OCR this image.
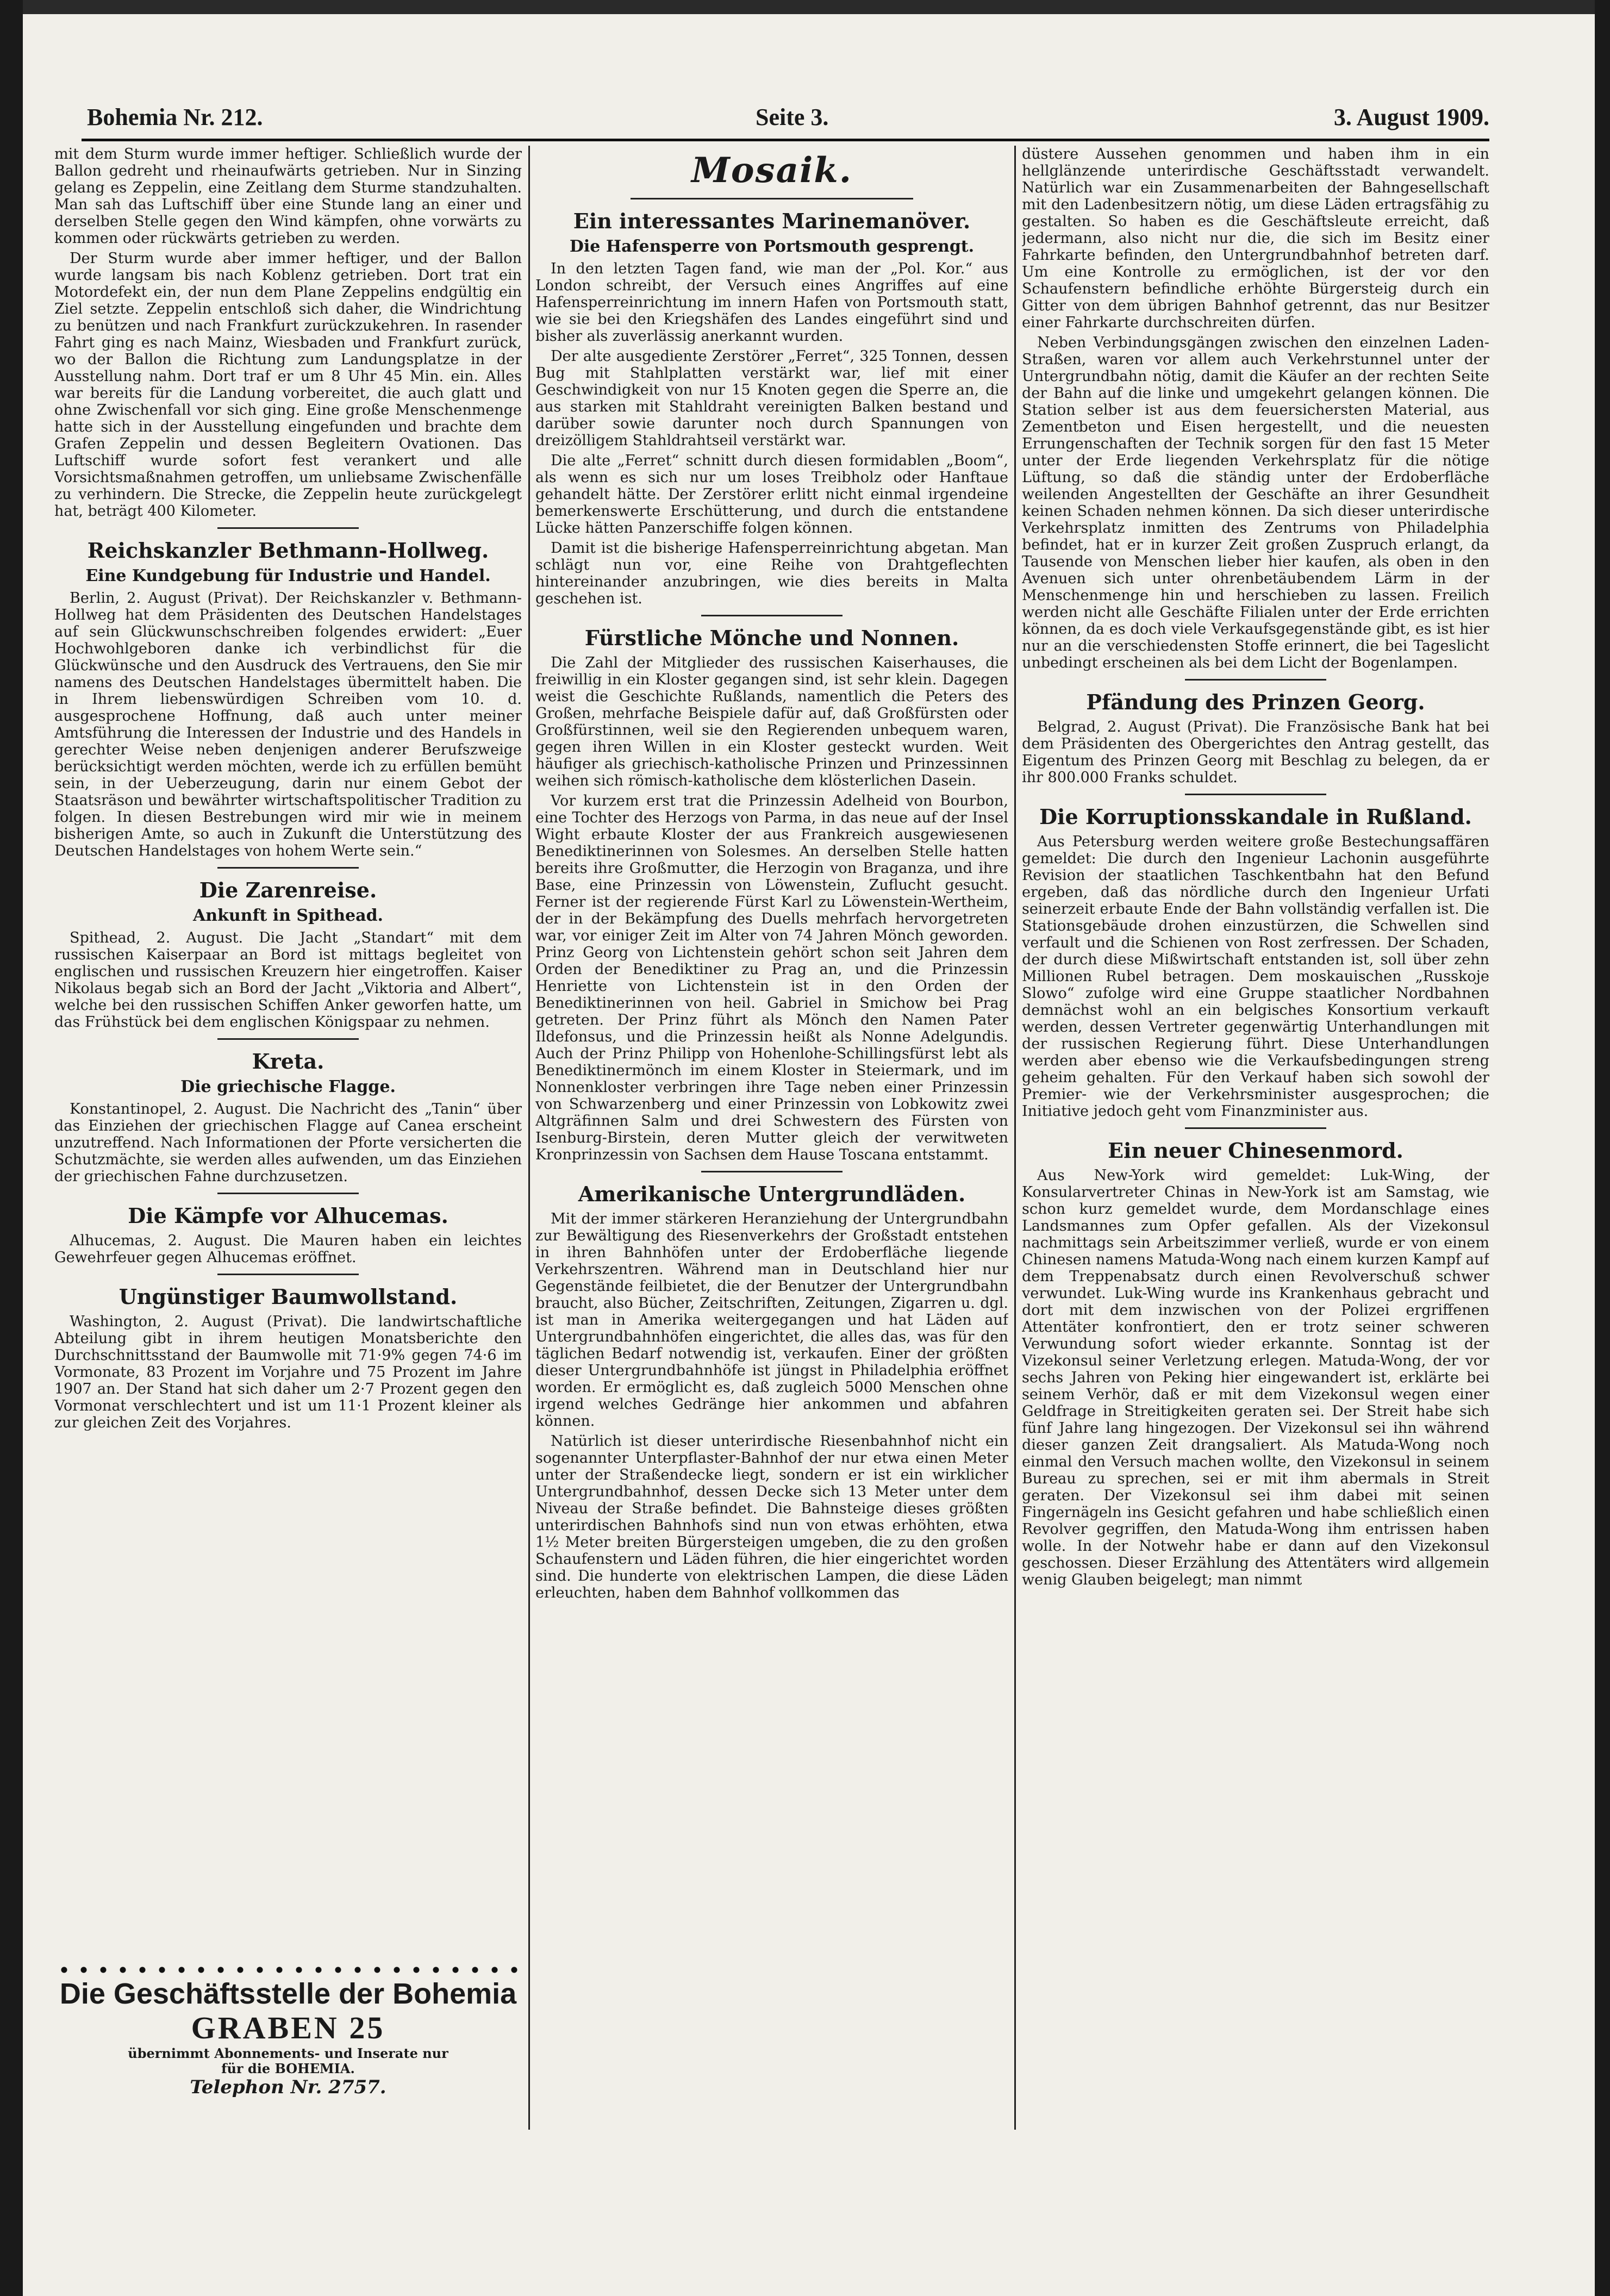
Bohemia Nr. 212.	Seite 3.	3. August 1909.

mit dem Sturm wurde immer heftiger. Schließlich wurde der Ballon gedreht und rheinaufwärts getrieben. Nur in Sinzing gelang es Zeppelin, eine Zeitlang dem Sturme standzuhalten. Man sah das Luftschiff über eine Stunde lang an einer und derselben Stelle gegen den Wind kämpfen, ohne vorwärts zu kommen oder rückwärts getrieben zu werden.

Der Sturm wurde aber immer heftiger, und der Ballon wurde langsam bis nach Koblenz getrieben. Dort trat ein Motordefekt ein, der nun dem Plane Zeppelins endgültig ein Ziel setzte. Zeppelin entschloß sich daher, die Windrichtung zu benützen und nach Frankfurt zurückzukehren. In rasender Fahrt ging es nach Mainz, Wiesbaden und Frankfurt zurück, wo der Ballon die Richtung zum Landungsplatze in der Ausstellung nahm. Dort traf er um 8 Uhr 45 Min. ein. Alles war bereits für die Landung vorbereitet, die auch glatt und ohne Zwischenfall vor sich ging. Eine große Menschenmenge hatte sich in der Ausstellung eingefunden und brachte dem Grafen Zeppelin und dessen Begleitern Ovationen. Das Luftschiff wurde sofort fest verankert und alle Vorsichtsmaßnahmen getroffen, um unliebsame Zwischenfälle zu verhindern. Die Strecke, die Zeppelin heute zurückgelegt hat, beträgt 400 Kilometer.

Reichskanzler Bethmann-Hollweg.
Eine Kundgebung für Industrie und Handel.

Berlin, 2. August (Privat). Der Reichskanzler v. Bethmann-Hollweg hat dem Präsidenten des Deutschen Handelstages auf sein Glückwunschschreiben folgendes erwidert: „Euer Hochwohlgeboren danke ich verbindlichst für die Glückwünsche und den Ausdruck des Vertrauens, den Sie mir namens des Deutschen Handelstages übermittelt haben. Die in Ihrem liebenswürdigen Schreiben vom 10. d. ausgesprochene Hoffnung, daß auch unter meiner Amtsführung die Interessen der Industrie und des Handels in gerechter Weise neben denjenigen anderer Berufszweige berücksichtigt werden möchten, werde ich zu erfüllen bemüht sein, in der Ueberzeugung, darin nur einem Gebot der Staatsräson und bewährter wirtschaftspolitischer Tradition zu folgen. In diesen Bestrebungen wird mir wie in meinem bisherigen Amte, so auch in Zukunft die Unterstützung des Deutschen Handelstages von hohem Werte sein.“

Die Zarenreise.
Ankunft in Spithead.

Spithead, 2. August. Die Jacht „Standart“ mit dem russischen Kaiserpaar an Bord ist mittags begleitet von englischen und russischen Kreuzern hier eingetroffen. Kaiser Nikolaus begab sich an Bord der Jacht „Viktoria and Albert“, welche bei den russischen Schiffen Anker geworfen hatte, um das Frühstück bei dem englischen Königspaar zu nehmen.

Kreta.
Die griechische Flagge.

Konstantinopel, 2. August. Die Nachricht des „Tanin“ über das Einziehen der griechischen Flagge auf Canea erscheint unzutreffend. Nach Informationen der Pforte versicherten die Schutzmächte, sie werden alles aufwenden, um das Einziehen der griechischen Fahne durchzusetzen.

Die Kämpfe vor Alhucemas.

Alhucemas, 2. August. Die Mauren haben ein leichtes Gewehrfeuer gegen Alhucemas eröffnet.

Ungünstiger Baumwollstand.

Washington, 2. August (Privat). Die landwirtschaftliche Abteilung gibt in ihrem heutigen Monatsberichte den Durchschnittsstand der Baumwolle mit 71·9% gegen 74·6 im Vormonate, 83 Prozent im Vorjahre und 75 Prozent im Jahre 1907 an. Der Stand hat sich daher um 2·7 Prozent gegen den Vormonat verschlechtert und ist um 11·1 Prozent kleiner als zur gleichen Zeit des Vorjahres.

Die Geschäftsstelle der Bohemia
GRABEN 25
übernimmt Abonnements- und Inserate nur
für die BOHEMIA.
Telephon Nr. 2757.
Mosaik.
Ein interessantes Marinemanöver.
Die Hafensperre von Portsmouth gesprengt.

In den letzten Tagen fand, wie man der „Pol. Kor.“ aus London schreibt, der Versuch eines Angriffes auf eine Hafensperreinrichtung im innern Hafen von Portsmouth statt, wie sie bei den Kriegshäfen des Landes eingeführt sind und bisher als zuverlässig anerkannt wurden.

Der alte ausgediente Zerstörer „Ferret“, 325 Tonnen, dessen Bug mit Stahlplatten verstärkt war, lief mit einer Geschwindigkeit von nur 15 Knoten gegen die Sperre an, die aus starken mit Stahldraht vereinigten Balken bestand und darüber sowie darunter noch durch Spannungen von dreizölligem Stahldrahtseil verstärkt war.

Die alte „Ferret“ schnitt durch diesen formidablen „Boom“, als wenn es sich nur um loses Treibholz oder Hanftaue gehandelt hätte. Der Zerstörer erlitt nicht einmal irgendeine bemerkenswerte Erschütterung, und durch die entstandene Lücke hätten Panzerschiffe folgen können.

Damit ist die bisherige Hafensperreinrichtung abgetan. Man schlägt nun vor, eine Reihe von Drahtgeflechten hintereinander anzubringen, wie dies bereits in Malta geschehen ist.

Fürstliche Mönche und Nonnen.

Die Zahl der Mitglieder des russischen Kaiserhauses, die freiwillig in ein Kloster gegangen sind, ist sehr klein. Dagegen weist die Geschichte Rußlands, namentlich die Peters des Großen, mehrfache Beispiele dafür auf, daß Großfürsten oder Großfürstinnen, weil sie den Regierenden unbequem waren, gegen ihren Willen in ein Kloster gesteckt wurden. Weit häufiger als griechisch-katholische Prinzen und Prinzessinnen weihen sich römisch-katholische dem klösterlichen Dasein.

Vor kurzem erst trat die Prinzessin Adelheid von Bourbon, eine Tochter des Herzogs von Parma, in das neue auf der Insel Wight erbaute Kloster der aus Frankreich ausgewiesenen Benediktinerinnen von Solesmes. An derselben Stelle hatten bereits ihre Großmutter, die Herzogin von Braganza, und ihre Base, eine Prinzessin von Löwenstein, Zuflucht gesucht. Ferner ist der regierende Fürst Karl zu Löwenstein-Wertheim, der in der Bekämpfung des Duells mehrfach hervorgetreten war, vor einiger Zeit im Alter von 74 Jahren Mönch geworden. Prinz Georg von Lichtenstein gehört schon seit Jahren dem Orden der Benediktiner zu Prag an, und die Prinzessin Henriette von Lichtenstein ist in den Orden der Benediktinerinnen von heil. Gabriel in Smichow bei Prag getreten. Der Prinz führt als Mönch den Namen Pater Ildefonsus, und die Prinzessin heißt als Nonne Adelgundis. Auch der Prinz Philipp von Hohenlohe-Schillingsfürst lebt als Benediktinermönch im einem Kloster in Steiermark, und im Nonnenkloster verbringen ihre Tage neben einer Prinzessin von Schwarzenberg und einer Prinzessin von Lobkowitz zwei Altgräfinnen Salm und drei Schwestern des Fürsten von Isenburg-Birstein, deren Mutter gleich der verwitweten Kronprinzessin von Sachsen dem Hause Toscana entstammt.

Amerikanische Untergrundläden.

Mit der immer stärkeren Heranziehung der Untergrundbahn zur Bewältigung des Riesenverkehrs der Großstadt entstehen in ihren Bahnhöfen unter der Erdoberfläche liegende Verkehrszentren. Während man in Deutschland hier nur Gegenstände feilbietet, die der Benutzer der Untergrundbahn braucht, also Bücher, Zeitschriften, Zeitungen, Zigarren u. dgl. ist man in Amerika weitergegangen und hat Läden auf Untergrundbahnhöfen eingerichtet, die alles das, was für den täglichen Bedarf notwendig ist, verkaufen. Einer der größten dieser Untergrundbahnhöfe ist jüngst in Philadelphia eröffnet worden. Er ermöglicht es, daß zugleich 5000 Menschen ohne irgend welches Gedränge hier ankommen und abfahren können.

Natürlich ist dieser unterirdische Riesenbahnhof nicht ein sogenannter Unterpflaster-Bahnhof der nur etwa einen Meter unter der Straßendecke liegt, sondern er ist ein wirklicher Untergrundbahnhof, dessen Decke sich 13 Meter unter dem Niveau der Straße befindet. Die Bahnsteige dieses größten unterirdischen Bahnhofs sind nun von etwas erhöhten, etwa 1½ Meter breiten Bürgersteigen umgeben, die zu den großen Schaufenstern und Läden führen, die hier eingerichtet worden sind. Die hunderte von elektrischen Lampen, die diese Läden erleuchten, haben dem Bahnhof vollkommen das

düstere Aussehen genommen und haben ihm in ein hellglänzende unterirdische Geschäftsstadt verwandelt. Natürlich war ein Zusammenarbeiten der Bahngesellschaft mit den Ladenbesitzern nötig, um diese Läden ertragsfähig zu gestalten. So haben es die Geschäftsleute erreicht, daß jedermann, also nicht nur die, die sich im Besitz einer Fahrkarte befinden, den Untergrundbahnhof betreten darf. Um eine Kontrolle zu ermöglichen, ist der vor den Schaufenstern befindliche erhöhte Bürgersteig durch ein Gitter von dem übrigen Bahnhof getrennt, das nur Besitzer einer Fahrkarte durchschreiten dürfen.

Neben Verbindungsgängen zwischen den einzelnen Laden-Straßen, waren vor allem auch Verkehrstunnel unter der Untergrundbahn nötig, damit die Käufer an der rechten Seite der Bahn auf die linke und umgekehrt gelangen können. Die Station selber ist aus dem feuersichersten Material, aus Zementbeton und Eisen hergestellt, und die neuesten Errungenschaften der Technik sorgen für den fast 15 Meter unter der Erde liegenden Verkehrsplatz für die nötige Lüftung, so daß die ständig unter der Erdoberfläche weilenden Angestellten der Geschäfte an ihrer Gesundheit keinen Schaden nehmen können. Da sich dieser unterirdische Verkehrsplatz inmitten des Zentrums von Philadelphia befindet, hat er in kurzer Zeit großen Zuspruch erlangt, da Tausende von Menschen lieber hier kaufen, als oben in den Avenuen sich unter ohrenbetäubendem Lärm in der Menschenmenge hin und herschieben zu lassen. Freilich werden nicht alle Geschäfte Filialen unter der Erde errichten können, da es doch viele Verkaufsgegenstände gibt, es ist hier nur an die verschiedensten Stoffe erinnert, die bei Tageslicht unbedingt erscheinen als bei dem Licht der Bogenlampen.

Pfändung des Prinzen Georg.

Belgrad, 2. August (Privat). Die Französische Bank hat bei dem Präsidenten des Obergerichtes den Antrag gestellt, das Eigentum des Prinzen Georg mit Beschlag zu belegen, da er ihr 800.000 Franks schuldet.

Die Korruptionsskandale in Rußland.

Aus Petersburg werden weitere große Bestechungsaffären gemeldet: Die durch den Ingenieur Lachonin ausgeführte Revision der staatlichen Taschkentbahn hat den Befund ergeben, daß das nördliche durch den Ingenieur Urfati seinerzeit erbaute Ende der Bahn vollständig verfallen ist. Die Stationsgebäude drohen einzustürzen, die Schwellen sind verfault und die Schienen von Rost zerfressen. Der Schaden, der durch diese Mißwirtschaft entstanden ist, soll über zehn Millionen Rubel betragen. Dem moskauischen „Russkoje Slowo“ zufolge wird eine Gruppe staatlicher Nordbahnen demnächst wohl an ein belgisches Konsortium verkauft werden, dessen Vertreter gegenwärtig Unterhandlungen mit der russischen Regierung führt. Diese Unterhandlungen werden aber ebenso wie die Verkaufsbedingungen streng geheim gehalten. Für den Verkauf haben sich sowohl der Premier- wie der Verkehrsminister ausgesprochen; die Initiative jedoch geht vom Finanzminister aus.

Ein neuer Chinesenmord.

Aus New-York wird gemeldet: Luk-Wing, der Konsularvertreter Chinas in New-York ist am Samstag, wie schon kurz gemeldet wurde, dem Mordanschlage eines Landsmannes zum Opfer gefallen. Als der Vizekonsul nachmittags sein Arbeitszimmer verließ, wurde er von einem Chinesen namens Matuda-Wong nach einem kurzen Kampf auf dem Treppenabsatz durch einen Revolverschuß schwer verwundet. Luk-Wing wurde ins Krankenhaus gebracht und dort mit dem inzwischen von der Polizei ergriffenen Attentäter konfrontiert, den er trotz seiner schweren Verwundung sofort wieder erkannte. Sonntag ist der Vizekonsul seiner Verletzung erlegen. Matuda-Wong, der vor sechs Jahren von Peking hier eingewandert ist, erklärte bei seinem Verhör, daß er mit dem Vizekonsul wegen einer Geldfrage in Streitigkeiten geraten sei. Der Streit habe sich fünf Jahre lang hingezogen. Der Vizekonsul sei ihn während dieser ganzen Zeit drangsaliert. Als Matuda-Wong noch einmal den Versuch machen wollte, den Vizekonsul in seinem Bureau zu sprechen, sei er mit ihm abermals in Streit geraten. Der Vizekonsul sei ihm dabei mit seinen Fingernägeln ins Gesicht gefahren und habe schließlich einen Revolver gegriffen, den Matuda-Wong ihm entrissen haben wolle. In der Notwehr habe er dann auf den Vizekonsul geschossen. Dieser Erzählung des Attentäters wird allgemein wenig Glauben beigelegt; man nimmt
